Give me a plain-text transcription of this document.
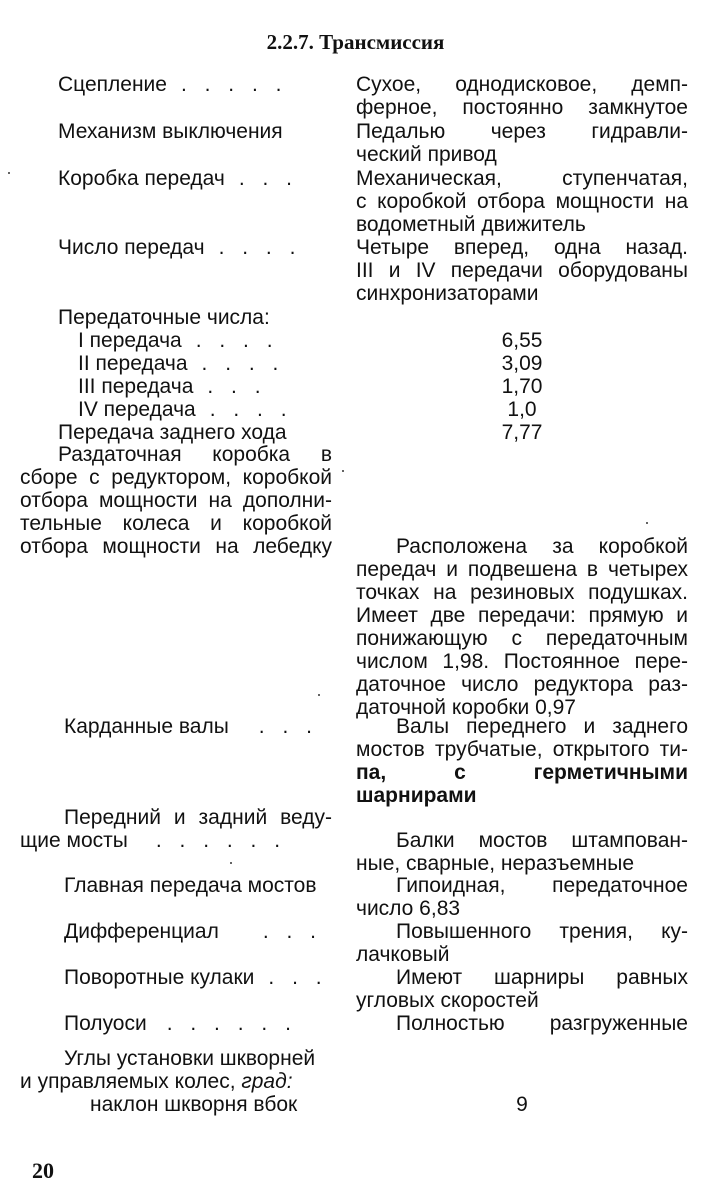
2.2.7. Трансмиссия
Сцепление . . . . .	Сухое, однодисковое, демп-
ферное, постоянно замкнутое
Механизм выключения	Педалью через гидравли-
ческий привод
Коробка передач . . .	Механическая, ступенчатая,
с коробкой отбора мощности на
водометный движитель
Число передач . . . .	Четыре вперед, одна назад.
III и IV передачи оборудованы
синхронизаторами
Передаточные числа:
I передача . . . .	6,55
II передача . . . .	3,09
III передача . . .	1,70
IV передача . . . .	1,0
Передача заднего хода	7,77
Раздаточная коробка в
сборе с редуктором, коробкой
отбора мощности на дополни-
тельные колеса и коробкой
отбора мощности на лебедку	Расположена за коробкой
передач и подвешена в четырех
точках на резиновых подушках.
Имеет две передачи: прямую и
понижающую с передаточным
числом 1,98. Постоянное пере-
даточное число редуктора раз-
даточной коробки 0,97
Карданные валы . . .	Валы переднего и заднего
мостов трубчатые, открытого ти-
па, с герметичными шарнирами
Передний и задний веду-
щие мосты . . . . . .	Балки мостов штампован-
ные, сварные, неразъемные
Главная передача мостов	Гипоидная, передаточное
число 6,83
Дифференциал . . .	Повышенного трения, ку-
лачковый
Поворотные кулаки . . .	Имеют шарниры равных
угловых скоростей
Полуоси . . . . . .	Полностью разгруженные
Углы установки шкворней
и управляемых колес, град:
наклон шкворня вбок	9
20
